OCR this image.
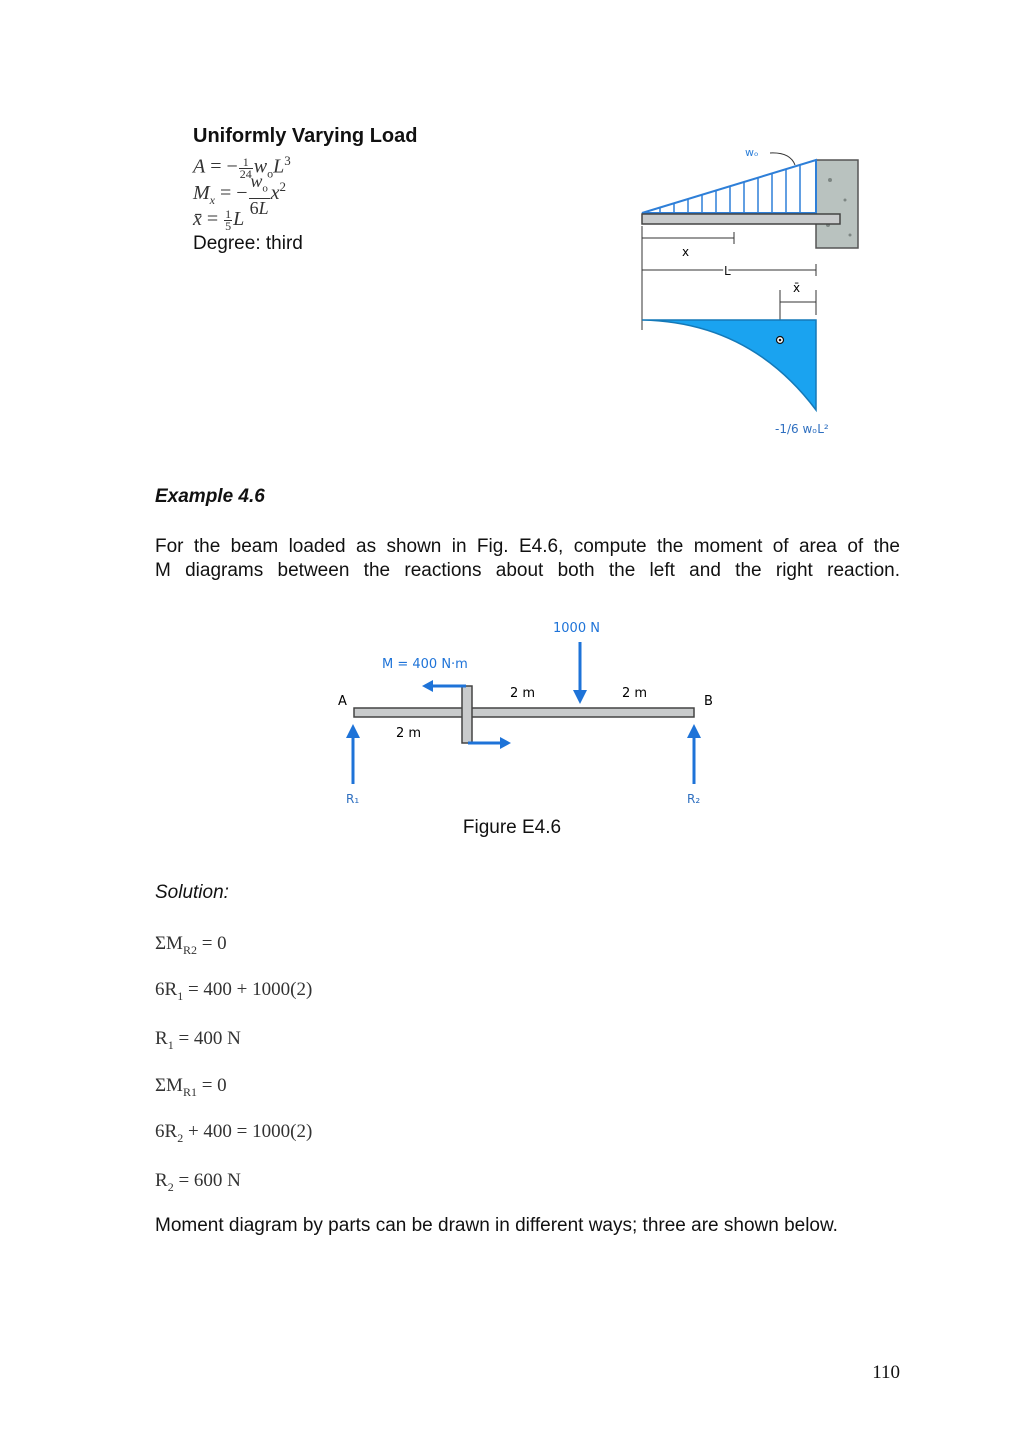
Uniformly Varying Load
A = − $\frac{1}{24} w_oL^3$
$M_x$ = − $\frac{w_o}{6L} x^2$
x̄ = $\frac{1}{5}$ L
Degree: third
wₒ
x
L
x̄
-1/6 wₒL²
Example 4.6
For the beam loaded as shown in Fig. E4.6, compute the moment of area of the
M diagrams between the reactions about both the left and the right reaction.
1000 N
M = 400 N·m
A	B
2 m	2 m
2 m
R₁	R₂
Figure E4.6
Solution:
$\Sigma M_{R2} = 0$
$6R_1 = 400 + 1000(2)$
$R_1 = 400$ N
$\Sigma M_{R1} = 0$
$6R_2 + 400 = 1000(2)$
$R_2 = 600$ N
Moment diagram by parts can be drawn in different ways; three are shown below.
110
